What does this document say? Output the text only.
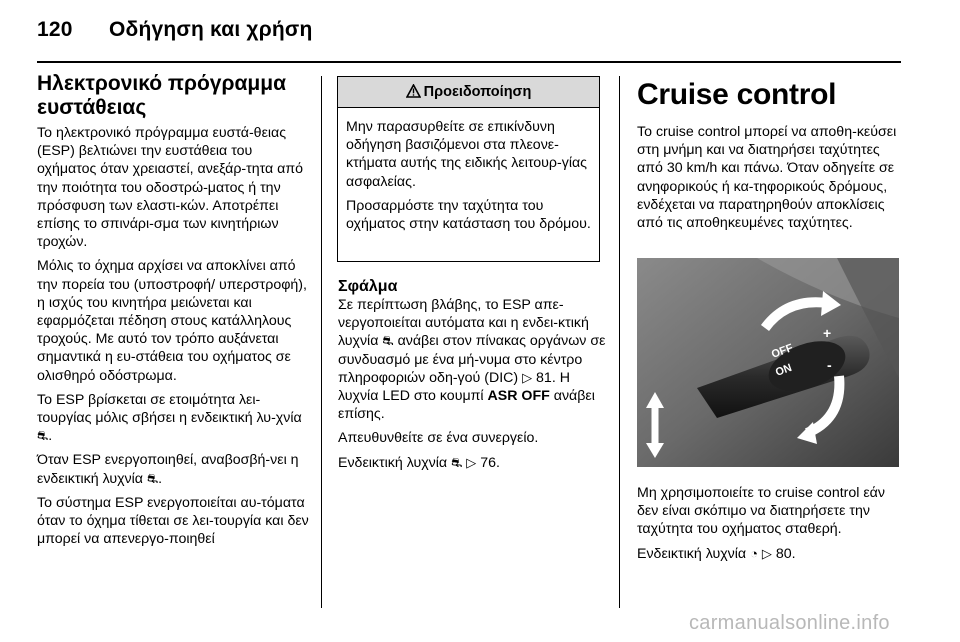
120 Οδήγηση και χρήση
Ηλεκτρονικό πρόγραμμα
ευστάθειας

Το ηλεκτρονικό πρόγραμμα ευστά-θειας (ESP) βελτιώνει την ευστάθεια του οχήματος όταν χρειαστεί, ανεξάρ-τητα από την ποιότητα του οδοστρώ-ματος ή την πρόσφυση των ελαστι-κών. Αποτρέπει επίσης το σπινάρι-σμα των κινητήριων τροχών.

Μόλις το όχημα αρχίσει να αποκλίνει από την πορεία του (υποστροφή/ υπερστροφή), η ισχύς του κινητήρα μειώνεται και εφαρμόζεται πέδηση στους κατάλληλους τροχούς. Με αυτό τον τρόπο αυξάνεται σημαντικά η ευ-στάθεια του οχήματος σε ολισθηρό οδόστρωμα.

Το ESP βρίσκεται σε ετοιμότητα λει-τουργίας μόλις σβήσει η ενδεικτική λυ-χνία ⛐.

Όταν ESP ενεργοποιηθεί, αναβοσβή-νει η ενδεικτική λυχνία ⛐.

Το σύστημα ESP ενεργοποιείται αυ-τόματα όταν το όχημα τίθεται σε λει-τουργία και δεν μπορεί να απενεργο-ποιηθεί

Προειδοποίηση

Μην παρασυρθείτε σε επικίνδυνη οδήγηση βασιζόμενοι στα πλεονε-κτήματα αυτής της ειδικής λειτουρ-γίας ασφαλείας.

Προσαρμόστε την ταχύτητα του οχήματος στην κατάσταση του δρόμου.

Σφάλμα

Σε περίπτωση βλάβης, το ESP απε-νεργοποιείται αυτόματα και η ενδει-κτική λυχνία ⛐ ανάβει στον πίνακας οργάνων σε συνδυασμό με ένα μή-νυμα στο κέντρο πληροφοριών οδη-γού (DIC) ▷ 81. Η λυχνία LED στο κουμπί ASR OFF ανάβει επίσης.

Απευθυνθείτε σε ένα συνεργείο.

Ενδεικτική λυχνία ⛐ ▷ 76.

Cruise control

Το cruise control μπορεί να αποθη-κεύσει στη μνήμη και να διατηρήσει ταχύτητες από 30 km/h και πάνω. Όταν οδηγείτε σε ανηφορικούς ή κα-τηφορικούς δρόμους, ενδέχεται να παρατηρηθούν αποκλίσεις από τις αποθηκευμένες ταχύτητες.

OFF
ON
+
-

Μη χρησιμοποιείτε το cruise control εάν δεν είναι σκόπιμο να διατηρήσετε την ταχύτητα του οχήματος σταθερή.

Ενδεικτική λυχνία ◔ ▷ 80.

carmanualsonline.info
